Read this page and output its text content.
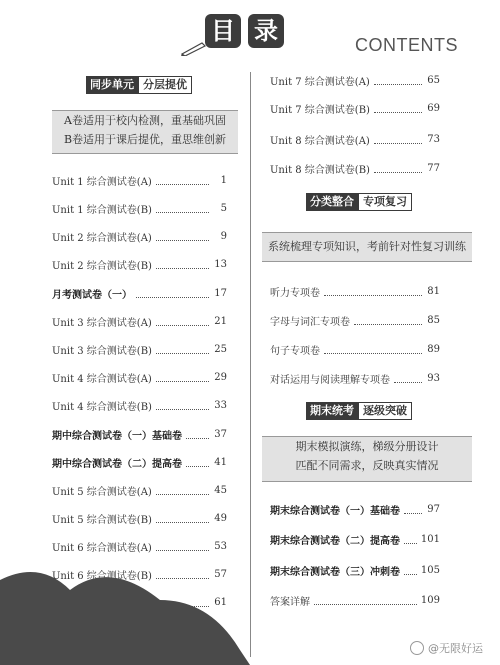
目 录	CONTENTS
同步单元 分层提优
A卷适用于校内检测，重基础巩固
B卷适用于课后提优，重思维创新
Unit 1 综合测试卷(A)	1
Unit 1 综合测试卷(B)	5
Unit 2 综合测试卷(A)	9
Unit 2 综合测试卷(B)	13
月考测试卷（一）	17
Unit 3 综合测试卷(A)	21
Unit 3 综合测试卷(B)	25
Unit 4 综合测试卷(A)	29
Unit 4 综合测试卷(B)	33
期中综合测试卷（一）基础卷	37
期中综合测试卷（二）提高卷	41
Unit 5 综合测试卷(A)	45
Unit 5 综合测试卷(B)	49
Unit 6 综合测试卷(A)	53
Unit 6 综合测试卷(B)	57
61
Unit 7 综合测试卷(A)	65
Unit 7 综合测试卷(B)	69
Unit 8 综合测试卷(A)	73
Unit 8 综合测试卷(B)	77
分类整合 专项复习
系统梳理专项知识，考前针对性复习训练
听力专项卷	81
字母与词汇专项卷	85
句子专项卷	89
对话运用与阅读理解专项卷	93
期末统考 逐级突破
期末模拟演练，梯级分册设计
匹配不同需求，反映真实情况
期末综合测试卷（一）基础卷	97
期末综合测试卷（二）提高卷 101
期末综合测试卷（三）冲刺卷 105
答案详解	109
@无限好运
